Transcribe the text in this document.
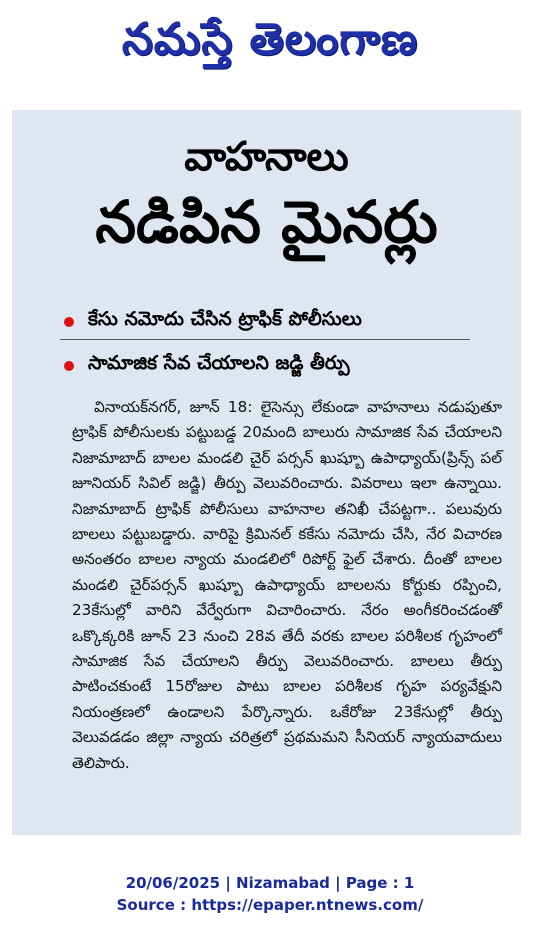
నమస్తే తెలంగాణ
వాహనాలు
నడిపిన మైనర్లు
కేసు నమోదు చేసిన ట్రాఫిక్ పోలీసులు
సామాజిక సేవ చేయాలని జడ్జి తీర్పు
వినాయక్‌నగర్, జూన్ 18: లైసెన్సు లేకుండా వాహనాలు నడుపుతూ ట్రాఫిక్ పోలీసులకు పట్టుబడ్డ 20మంది బాలురు సామాజిక సేవ చేయాలని నిజామాబాద్ బాలల మండలి చైర్ పర్సన్ ఖుష్బూ ఉపాధ్యాయ్(ప్రిన్స్ పల్ జూనియర్ సివిల్ జడ్జి) తీర్పు వెలువరించారు. వివరాలు ఇలా ఉన్నాయి. నిజామాబాద్ ట్రాఫిక్ పోలీసులు వాహనాల తనిఖీ చేపట్టగా.. పలువురు బాలలు పట్టుబడ్డారు. వారిపై క్రిమినల్ కకేసు నమోదు చేసి, నేర విచారణ అనంతరం బాలల న్యాయ మండలిలో రిపోర్ట్ ఫైల్ చేశారు. దీంతో బాలల మండలి చైర్‌పర్సన్ ఖుష్బూ ఉపాధ్యాయ్ బాలలను కోర్టుకు రప్పించి, 23కేసుల్లో వారిని వేర్వేరుగా విచారించారు. నేరం అంగీకరించడంతో ఒక్కొక్కరికి జూన్ 23 నుంచి 28వ తేదీ వరకు బాలల పరిశీలక గృహంలో సామాజిక సేవ చేయాలని తీర్పు వెలువరించారు. బాలలు తీర్పు పాటించకుంటే 15రోజుల పాటు బాలల పరిశీలక గృహ పర్యవేక్షుని నియంత్రణలో ఉండాలని పేర్కొన్నారు. ఒకేరోజు 23కేసుల్లో తీర్పు వెలువడడం జిల్లా న్యాయ చరిత్రలో ప్రథమమని సీనియర్ న్యాయవాదులు తెలిపారు.
20/06/2025 | Nizamabad | Page : 1
Source : https://epaper.ntnews.com/
